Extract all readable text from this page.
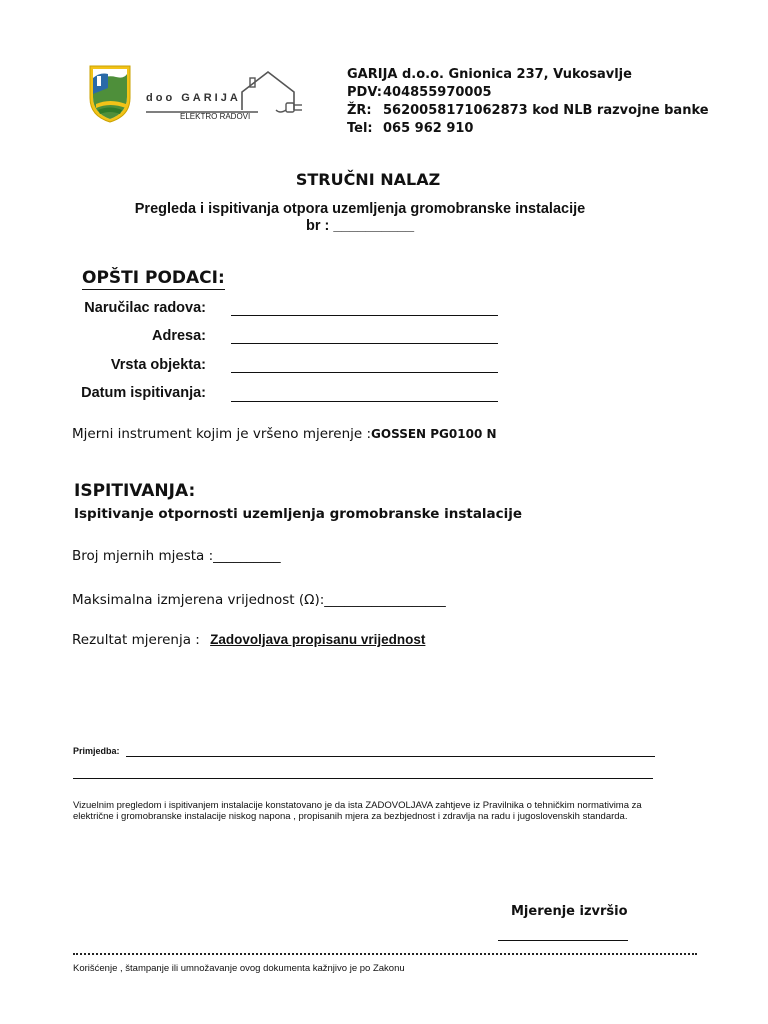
doo GARIJA
ELEKTRO RADOVI
GARIJA d.o.o. Gnionica 237, Vukosavlje
PDV:404855970005
ŽR: 5620058171062873 kod NLB razvojne banke
Tel: 065 962 910
STRUČNI NALAZ
Pregleda i ispitivanja otpora uzemljenja gromobranske instalacije
br : __________
OPŠTI PODACI:
Naručilac radova:
Adresa:
Vrsta objekta:
Datum ispitivanja:
Mjerni instrument kojim je vršeno mjerenje :GOSSEN PG0100 N
ISPITIVANJA:
Ispitivanje otpornosti uzemljenja gromobranske instalacije
Broj mjernih mjesta :__________
Maksimalna izmjerena vrijednost (Ω):__________________
Rezultat mjerenja : Zadovoljava propisanu vrijednost
Primjedba:
Vizuelnim pregledom i ispitivanjem instalacije konstatovano je da ista ZADOVOLJAVA zahtjeve iz Pravilnika o tehničkim normativima za električne i gromobranske instalacije niskog napona , propisanih mjera za bezbjednost i zdravlja na radu i jugoslovenskih standarda.
Mjerenje izvršio
Korišćenje , štampanje ili umnožavanje ovog dokumenta kažnjivo je po Zakonu
